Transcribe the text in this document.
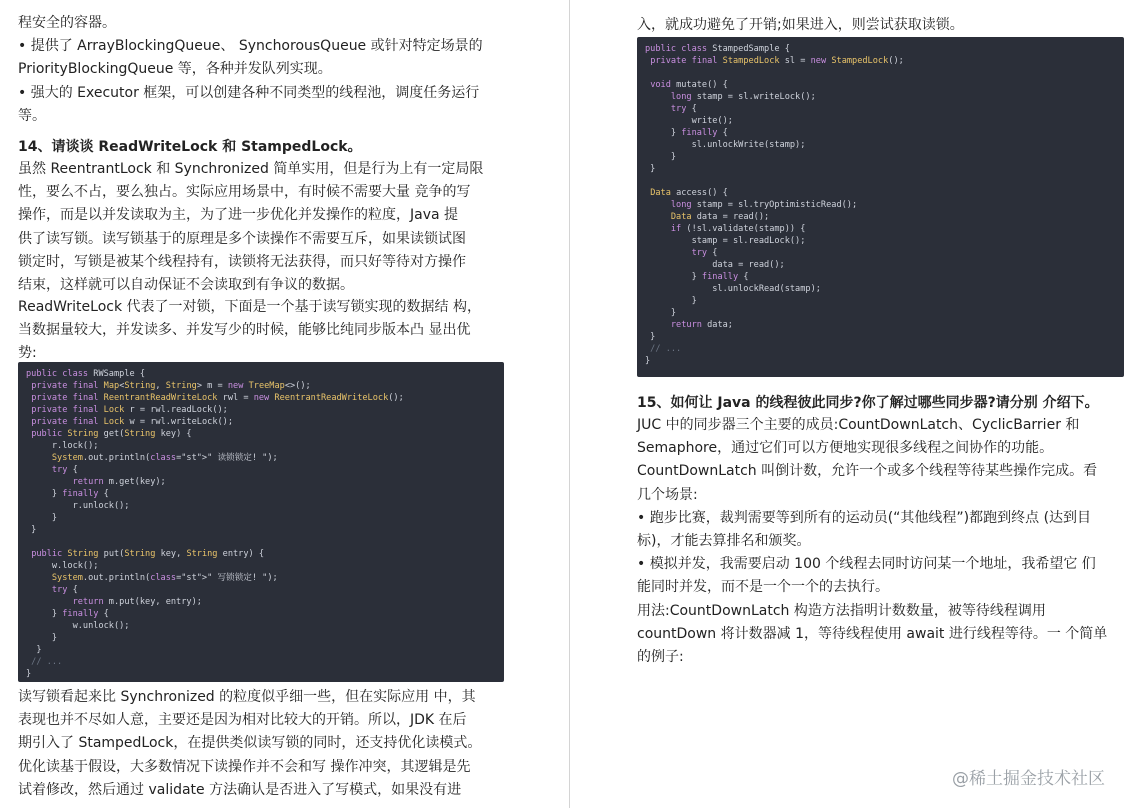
程安全的容器。

• 提供了 ArrayBlockingQueue、 SynchorousQueue 或针对特定场景的

PriorityBlockingQueue 等，各种并发队列实现。

• 强大的 Executor 框架，可以创建各种不同类型的线程池，调度任务运行

等。

14、请谈谈 ReadWriteLock 和 StampedLock。

虽然 ReentrantLock 和 Synchronized 简单实用，但是行为上有一定局限

性，要么不占，要么独占。实际应用场景中，有时候不需要大量 竞争的写

操作，而是以并发读取为主，为了进一步优化并发操作的粒度，Java 提

供了读写锁。读写锁基于的原理是多个读操作不需要互斥，如果读锁试图

锁定时，写锁是被某个线程持有，读锁将无法获得，而只好等待对方操作

结束，这样就可以自动保证不会读取到有争议的数据。

ReadWriteLock 代表了一对锁，下面是一个基于读写锁实现的数据结 构，

当数据量较大，并发读多、并发写少的时候，能够比纯同步版本凸 显出优

势:

public class RWSample {
private final Map<String, String> m = new TreeMap<>();
private final ReentrantReadWriteLock rwl = new ReentrantReadWriteLock();
private final Lock r = rwl.readLock();
private final Lock w = rwl.writeLock();
public String get(String key) {
r.lock();
System.out.println(class="st">" 读锁锁定! ");
try {
return m.get(key);
} finally {
r.unlock();
}
}
public String put(String key, String entry) {
w.lock();
System.out.println(class="st">" 写锁锁定! ");
try {
return m.put(key, entry);
} finally {
w.unlock();
}
}
// ...
}

读写锁看起来比 Synchronized 的粒度似乎细一些，但在实际应用 中，其

表现也并不尽如人意，主要还是因为相对比较大的开销。所以，JDK 在后

期引入了 StampedLock，在提供类似读写锁的同时，还支持优化读模式。

优化读基于假设，大多数情况下读操作并不会和写 操作冲突，其逻辑是先

试着修改，然后通过 validate 方法确认是否进入了写模式，如果没有进

入，就成功避免了开销;如果进入，则尝试获取读锁。

public class StampedSample {
private final StampedLock sl = new StampedLock();
void mutate() {
long stamp = sl.writeLock();
try {
write();
} finally {
sl.unlockWrite(stamp);
}
}
Data access() {
long stamp = sl.tryOptimisticRead();
Data data = read();
if (!sl.validate(stamp)) {
stamp = sl.readLock();
try {
data = read();
} finally {
sl.unlockRead(stamp);
}
}
return data;
}
// ...
}

15、如何让 Java 的线程彼此同步?你了解过哪些同步器?请分别 介绍下。

JUC 中的同步器三个主要的成员:CountDownLatch、CyclicBarrier 和

Semaphore，通过它们可以方便地实现很多线程之间协作的功能。

CountDownLatch 叫倒计数，允许一个或多个线程等待某些操作完成。看

几个场景:

• 跑步比赛，裁判需要等到所有的运动员(“其他线程”)都跑到终点 (达到目

标)，才能去算排名和颁奖。

• 模拟并发，我需要启动 100 个线程去同时访问某一个地址，我希望它 们

能同时并发，而不是一个一个的去执行。

用法:CountDownLatch 构造方法指明计数数量，被等待线程调用

countDown 将计数器减 1，等待线程使用 await 进行线程等待。一 个简单

的例子:

@稀土掘金技术社区
